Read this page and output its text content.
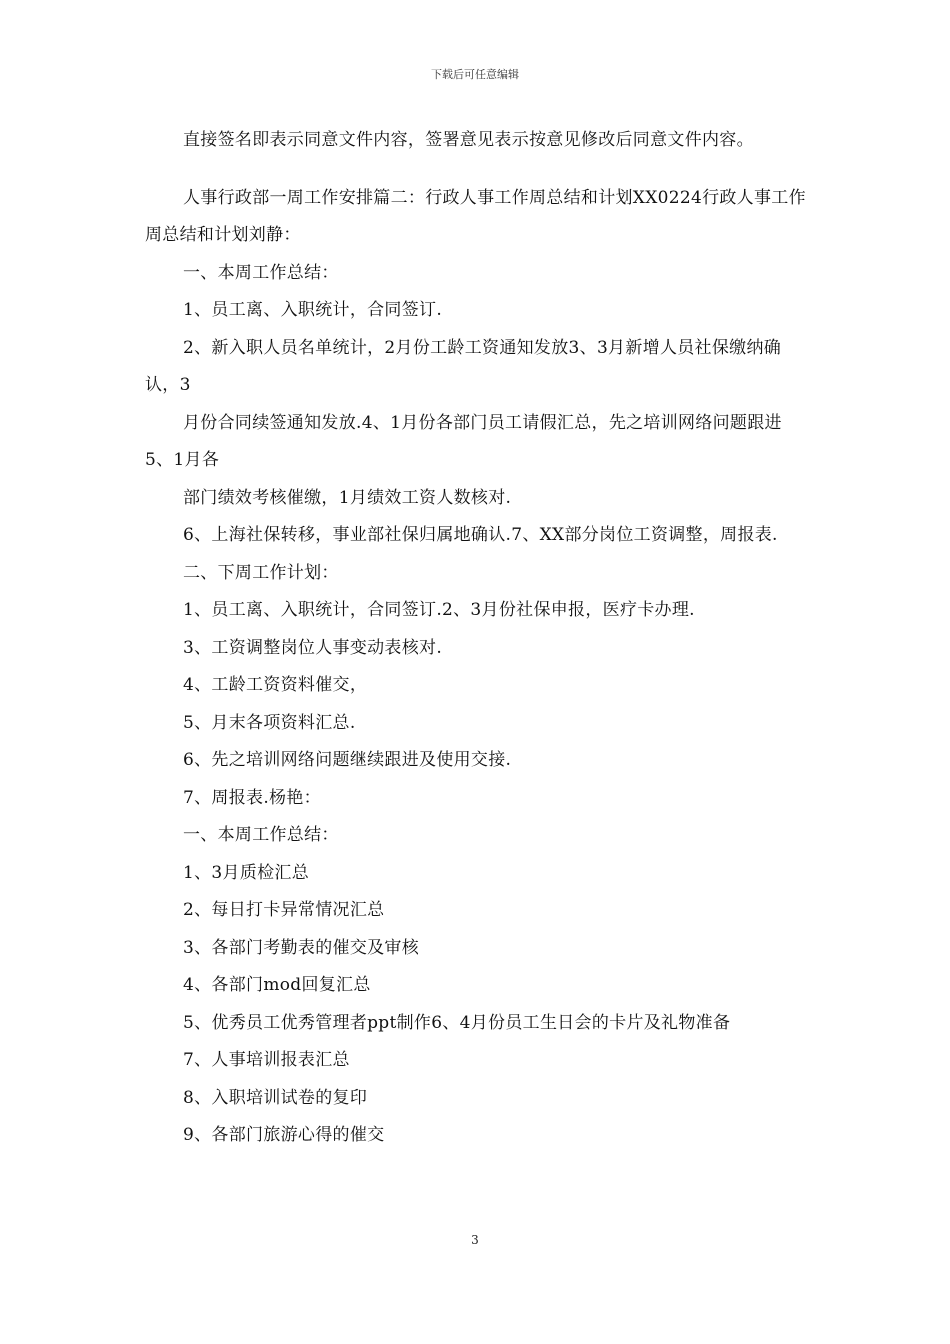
下载后可任意编辑

直接签名即表示同意文件内容，签署意见表示按意见修改后同意文件内容。

人事行政部一周工作安排篇二：行政人事工作周总结和计划XX0224行政人事工作周总结和计划刘静：

一、本周工作总结：

1、员工离、入职统计，合同签订.

2、新入职人员名单统计，2月份工龄工资通知发放3、3月新增人员社保缴纳确认，3

月份合同续签通知发放.4、1月份各部门员工请假汇总，先之培训网络问题跟进5、1月各

部门绩效考核催缴，1月绩效工资人数核对.

6、上海社保转移，事业部社保归属地确认.7、XX部分岗位工资调整，周报表.

二、下周工作计划：

1、员工离、入职统计，合同签订.2、3月份社保申报，医疗卡办理.

3、工资调整岗位人事变动表核对.

4、工龄工资资料催交，

5、月末各项资料汇总.

6、先之培训网络问题继续跟进及使用交接.

7、周报表.杨艳：

一、本周工作总结：

1、3月质检汇总

2、每日打卡异常情况汇总

3、各部门考勤表的催交及审核

4、各部门mod回复汇总

5、优秀员工优秀管理者ppt制作6、4月份员工生日会的卡片及礼物准备

7、人事培训报表汇总

8、入职培训试卷的复印

9、各部门旅游心得的催交

3
